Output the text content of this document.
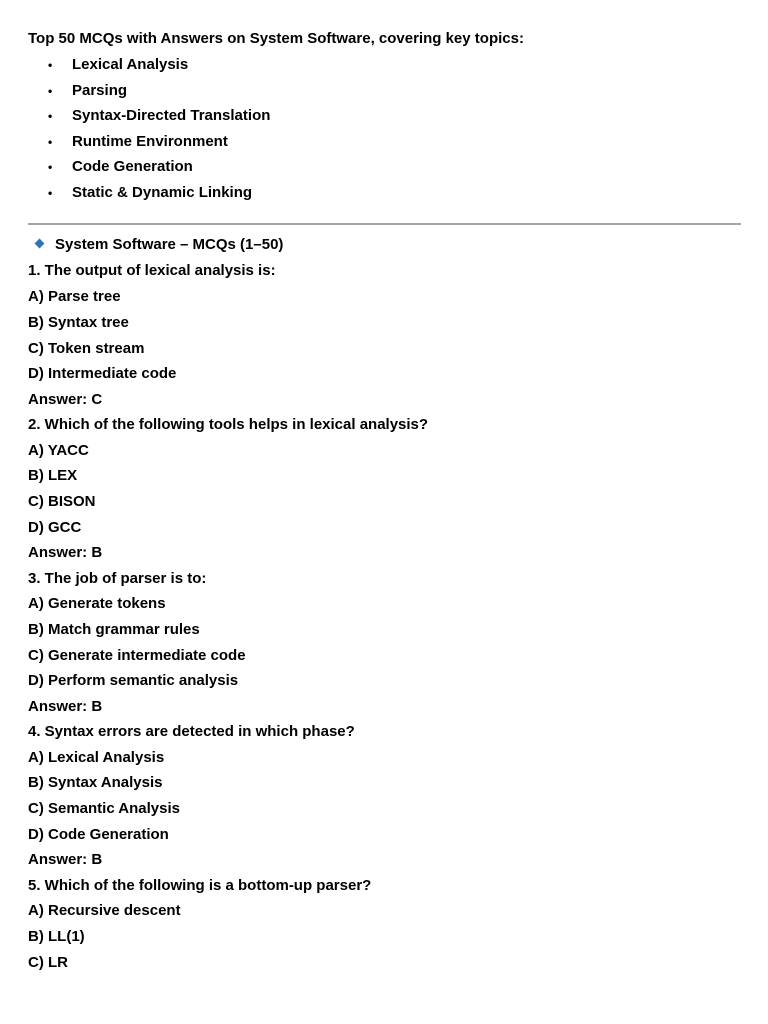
Top 50 MCQs with Answers on System Software, covering key topics:
• Lexical Analysis
• Parsing
• Syntax-Directed Translation
• Runtime Environment
• Code Generation
• Static & Dynamic Linking
System Software – MCQs (1–50)
1. The output of lexical analysis is:
A) Parse tree
B) Syntax tree
C) Token stream
D) Intermediate code
Answer: C
2. Which of the following tools helps in lexical analysis?
A) YACC
B) LEX
C) BISON
D) GCC
Answer: B
3. The job of parser is to:
A) Generate tokens
B) Match grammar rules
C) Generate intermediate code
D) Perform semantic analysis
Answer: B
4. Syntax errors are detected in which phase?
A) Lexical Analysis
B) Syntax Analysis
C) Semantic Analysis
D) Code Generation
Answer: B
5. Which of the following is a bottom-up parser?
A) Recursive descent
B) LL(1)
C) LR
